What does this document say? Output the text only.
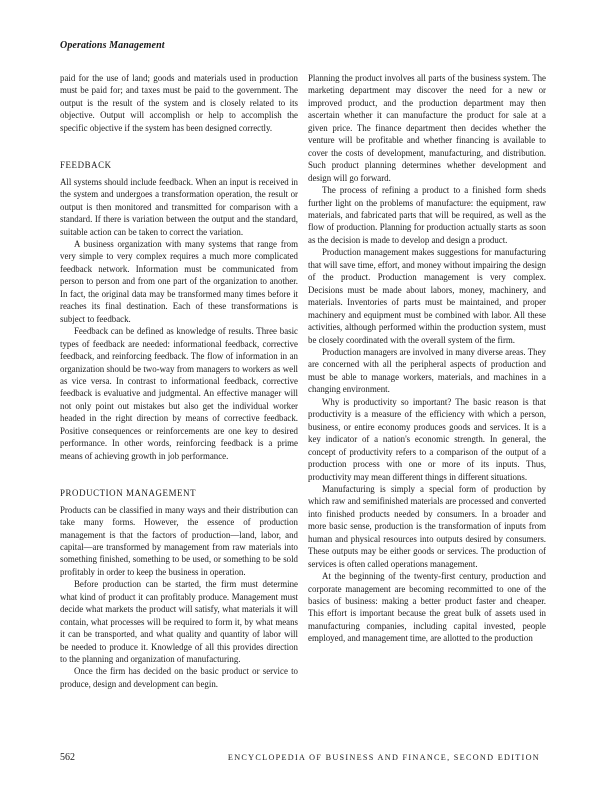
Operations Management

paid for the use of land; goods and materials used in production must be paid for; and taxes must be paid to the government. The output is the result of the system and is closely related to its objective. Output will accomplish or help to accomplish the specific objective if the system has been designed correctly.

FEEDBACK

All systems should include feedback. When an input is received in the system and undergoes a transformation operation, the result or output is then monitored and transmitted for comparison with a standard. If there is variation between the output and the standard, suitable action can be taken to correct the variation.

A business organization with many systems that range from very simple to very complex requires a much more complicated feedback network. Information must be communicated from person to person and from one part of the organization to another. In fact, the original data may be transformed many times before it reaches its final destination. Each of these transformations is subject to feedback.

Feedback can be defined as knowledge of results. Three basic types of feedback are needed: informational feedback, corrective feedback, and reinforcing feedback. The flow of information in an organization should be two-way from managers to workers as well as vice versa. In contrast to informational feedback, corrective feedback is evaluative and judgmental. An effective manager will not only point out mistakes but also get the individual worker headed in the right direction by means of corrective feedback. Positive consequences or reinforcements are one key to desired performance. In other words, reinforcing feedback is a prime means of achieving growth in job performance.

PRODUCTION MANAGEMENT

Products can be classified in many ways and their distribution can take many forms. However, the essence of production management is that the factors of production—land, labor, and capital—are transformed by management from raw materials into something finished, something to be used, or something to be sold profitably in order to keep the business in operation.

Before production can be started, the firm must determine what kind of product it can profitably produce. Management must decide what markets the product will satisfy, what materials it will contain, what processes will be required to form it, by what means it can be transported, and what quality and quantity of labor will be needed to produce it. Knowledge of all this provides direction to the planning and organization of manufacturing.

Once the firm has decided on the basic product or service to produce, design and development can begin.

Planning the product involves all parts of the business system. The marketing department may discover the need for a new or improved product, and the production department may then ascertain whether it can manufacture the product for sale at a given price. The finance department then decides whether the venture will be profitable and whether financing is available to cover the costs of development, manufacturing, and distribution. Such product planning determines whether development and design will go forward.

The process of refining a product to a finished form sheds further light on the problems of manufacture: the equipment, raw materials, and fabricated parts that will be required, as well as the flow of production. Planning for production actually starts as soon as the decision is made to develop and design a product.

Production management makes suggestions for manufacturing that will save time, effort, and money without impairing the design of the product. Production management is very complex. Decisions must be made about labors, money, machinery, and materials. Inventories of parts must be maintained, and proper machinery and equipment must be combined with labor. All these activities, although performed within the production system, must be closely coordinated with the overall system of the firm.

Production managers are involved in many diverse areas. They are concerned with all the peripheral aspects of production and must be able to manage workers, materials, and machines in a changing environment.

Why is productivity so important? The basic reason is that productivity is a measure of the efficiency with which a person, business, or entire economy produces goods and services. It is a key indicator of a nation's economic strength. In general, the concept of productivity refers to a comparison of the output of a production process with one or more of its inputs. Thus, productivity may mean different things in different situations.

Manufacturing is simply a special form of production by which raw and semifinished materials are processed and converted into finished products needed by consumers. In a broader and more basic sense, production is the transformation of inputs from human and physical resources into outputs desired by consumers. These outputs may be either goods or services. The production of services is often called operations management.

At the beginning of the twenty-first century, production and corporate management are becoming recommitted to one of the basics of business: making a better product faster and cheaper. This effort is important because the great bulk of assets used in manufacturing companies, including capital invested, people employed, and management time, are allotted to the production

562	ENCYCLOPEDIA OF BUSINESS AND FINANCE, SECOND EDITION
